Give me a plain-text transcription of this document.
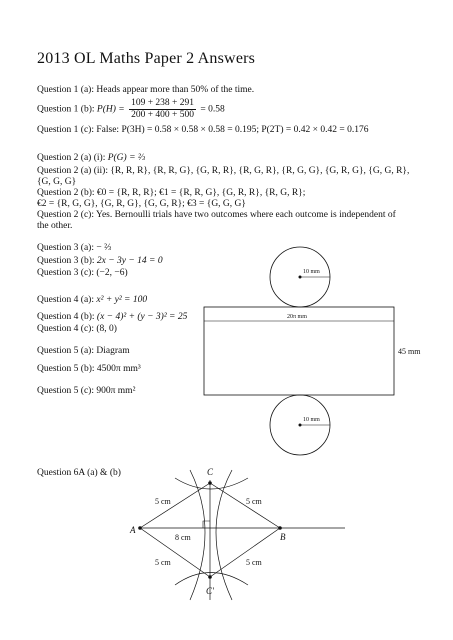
2013 OL Maths Paper 2 Answers
Question 1 (a): Heads appear more than 50% of the time.
Question 1 (b): $P(H) = \frac{109 + 238 + 291}{200 + 400 + 500} = 0.58$
Question 1 (c): False: P(3H) = 0.58 × 0.58 × 0.58 = 0.195; P(2T) = 0.42 × 0.42 = 0.176
Question 2 (a) (i): P(G) = ⅔
Question 2 (a) (ii): {R, R, R}, {R, R, G}, {G, R, R}, {R, G, R}, {R, G, G}, {G, R, G}, {G, G, R},
{G, G, G}
Question 2 (b): €0 = {R, R, R}; €1 = {R, R, G}, {G, R, R}, {R, G, R};
€2 = {R, G, G}, {G, R, G}, {G, G, R}; €3 = {G, G, G}
Question 2 (c): Yes. Bernoulli trials have two outcomes where each outcome is independent of the other.
Question 3 (a): − ⅔
Question 3 (b): 2x − 3y − 14 = 0
Question 3 (c): (−2, −6)
Question 4 (a): x² + y² = 100
Question 4 (b): (x − 4)² + (y − 3)² = 25
Question 4 (c): (8, 0)
Question 5 (a): Diagram
Question 5 (b): 4500π mm³
Question 5 (c): 900π mm²
Question 6A (a) & (b)
10 mm
20π mm
45 mm
10 mm
A
B
C
C'
8 cm
5 cm	5 cm
5 cm	5 cm
